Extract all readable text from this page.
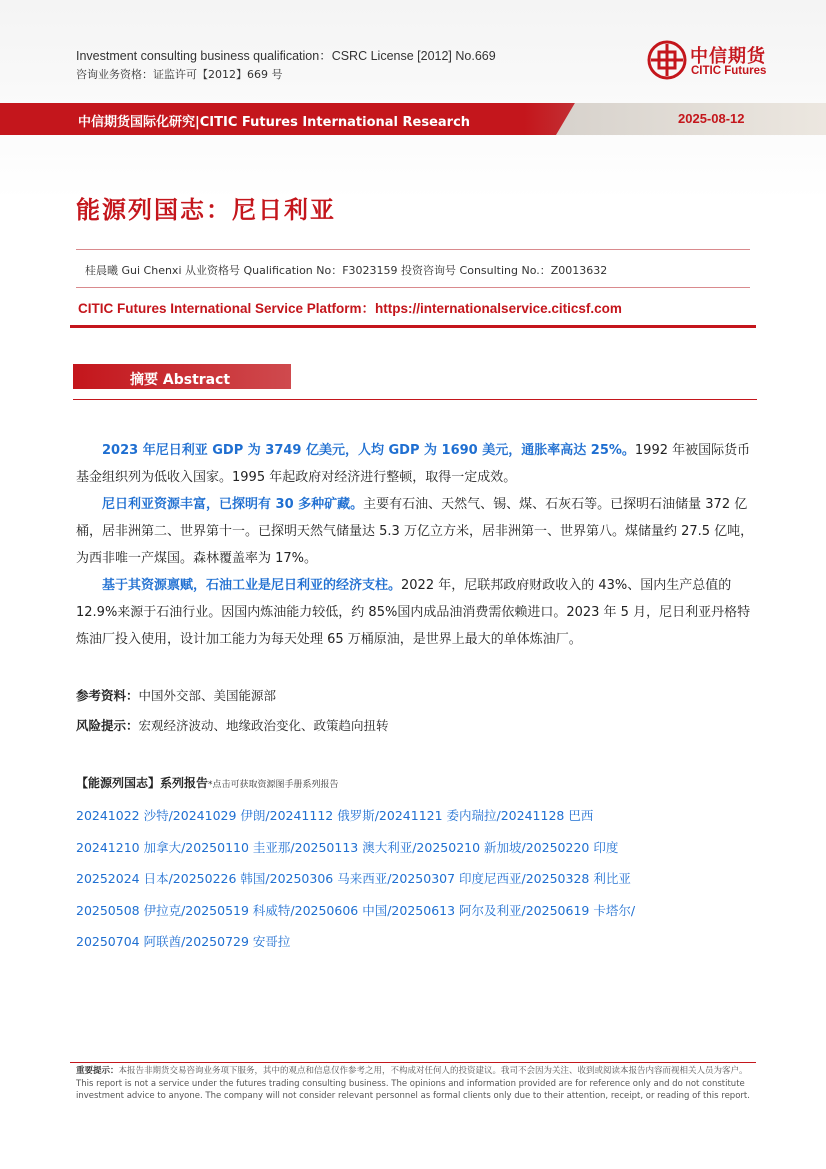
Investment consulting business qualification：CSRC License [2012] No.669
咨询业务资格：证监许可【2012】669 号
中信期货
CITIC Futures
中信期货国际化研究|CITIC Futures International Research	2025-08-12
能源列国志：尼日利亚
桂晨曦 Gui Chenxi 从业资格号 Qualification No：F3023159 投资咨询号 Consulting No.：Z0013632
CITIC Futures International Service Platform：https://internationalservice.citicsf.com
摘要 Abstract
2023 年尼日利亚 GDP 为 3749 亿美元，人均 GDP 为 1690 美元，通胀率高达 25%。1992 年被国际货币基金组织列为低收入国家。1995 年起政府对经济进行整顿，取得一定成效。
尼日利亚资源丰富，已探明有 30 多种矿藏。主要有石油、天然气、锡、煤、石灰石等。已探明石油储量 372 亿桶，居非洲第二、世界第十一。已探明天然气储量达 5.3 万亿立方米，居非洲第一、世界第八。煤储量约 27.5 亿吨，为西非唯一产煤国。森林覆盖率为 17%。
基于其资源禀赋，石油工业是尼日利亚的经济支柱。2022 年，尼联邦政府财政收入的 43%、国内生产总值的 12.9%来源于石油行业。因国内炼油能力较低，约 85%国内成品油消费需依赖进口。2023 年 5 月，尼日利亚丹格特炼油厂投入使用，设计加工能力为每天处理 65 万桶原油，是世界上最大的单体炼油厂。
参考资料：中国外交部、美国能源部
风险提示：宏观经济波动、地缘政治变化、政策趋向扭转
【能源列国志】系列报告*点击可获取资源图手册系列报告
20241022 沙特/20241029 伊朗/20241112 俄罗斯/20241121 委内瑞拉/20241128 巴西
20241210 加拿大/20250110 圭亚那/20250113 澳大利亚/20250210 新加坡/20250220 印度
20252024 日本/20250226 韩国/20250306 马来西亚/20250307 印度尼西亚/20250328 利比亚
20250508 伊拉克/20250519 科威特/20250606 中国/20250613 阿尔及利亚/20250619 卡塔尔/
20250704 阿联酋/20250729 安哥拉
重要提示：本报告非期货交易咨询业务项下服务，其中的观点和信息仅作参考之用，不构成对任何人的投资建议。我司不会因为关注、收到或阅读本报告内容而视相关人员为客户。 This report is not a service under the futures trading consulting business. The opinions and information provided are for reference only and do not constitute investment advice to anyone. The company will not consider relevant personnel as formal clients only due to their attention, receipt, or reading of this report.
